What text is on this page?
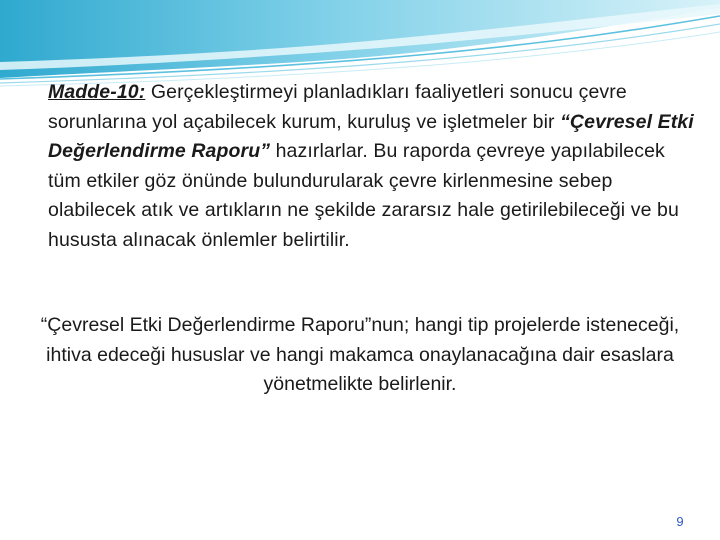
Madde-10: Gerçekleştirmeyi planladıkları faaliyetleri sonucu çevre sorunlarına yol açabilecek kurum, kuruluş ve işletmeler bir “Çevresel Etki Değerlendirme Raporu” hazırlarlar. Bu raporda çevreye yapılabilecek tüm etkiler göz önünde bulundurularak çevre kirlenmesine sebep olabilecek atık ve artıkların ne şekilde zararsız hale getirilebileceği ve bu hususta alınacak önlemler belirtilir.
“Çevresel Etki Değerlendirme Raporu”nun; hangi tip projelerde isteneceği, ihtiva edeceği hususlar ve hangi makamca onaylanacağına dair esaslara yönetmelikte belirlenir.
9
